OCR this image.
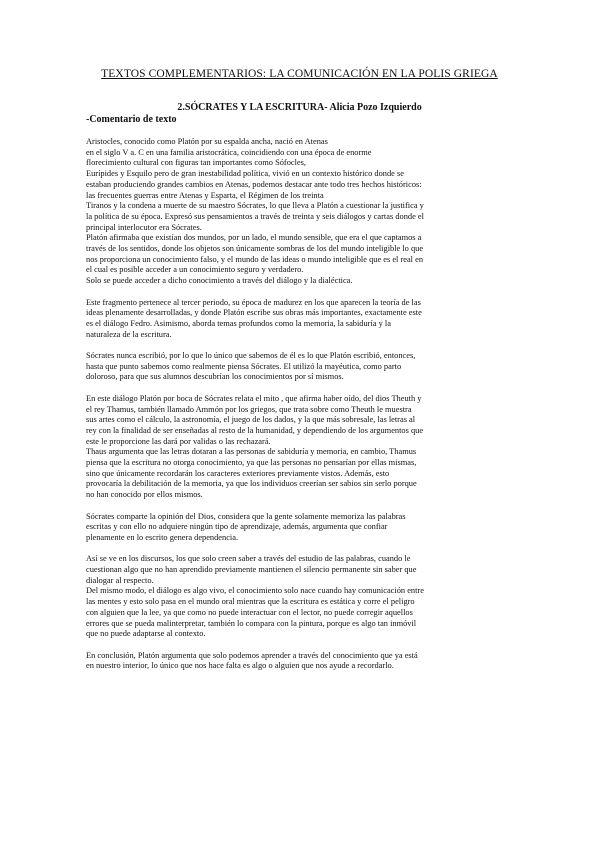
TEXTOS COMPLEMENTARIOS: LA COMUNICACIÓN EN LA POLIS GRIEGA
2.SÓCRATES Y LA ESCRITURA- Alicia Pozo Izquierdo
-Comentario de texto
Aristocles, conocido como Platón por su espalda ancha, nació en Atenas
en el siglo V a. C en una familia aristocrática, coincidiendo con una época de enorme
florecimiento cultural con figuras tan importantes como Sófocles,
Eurípides y Esquilo pero de gran inestabilidad política, vivió en un contexto histórico donde se
estaban produciendo grandes cambios en Atenas, podemos destacar ante todo tres hechos históricos:
las frecuentes guerras entre Atenas y Esparta, el Régimen de los treinta
Tiranos y la condena a muerte de su maestro Sócrates, lo que lleva a Platón a cuestionar la justifica y
la política de su época. Expresó sus pensamientos a través de treinta y seis diálogos y cartas donde el
principal interlocutor era Sócrates.
Platón afirmaba que existían dos mundos, por un lado, el mundo sensible, que era el que captamos a
través de los sentidos, donde los objetos son únicamente sombras de los del mundo inteligible lo que
nos proporciona un conocimiento falso, y el mundo de las ideas o mundo inteligible que es el real en
el cual es posible acceder a un conocimiento seguro y verdadero.
Solo se puede acceder a dicho conocimiento a través del diálogo y la dialéctica.
Este fragmento pertenece al tercer periodo, su época de madurez en los que aparecen la teoría de las
ideas plenamente desarrolladas, y donde Platón escribe sus obras más importantes, exactamente este
es el diálogo Fedro. Asimismo, aborda temas profundos como la memoria, la sabiduría y la
naturaleza de la escritura.
Sócrates nunca escribió, por lo que lo único que sabemos de él es lo que Platón escribió, entonces,
hasta que punto sabemos como realmente piensa Sócrates. El utilizó la mayéutica, como parto
doloroso, para que sus alumnos descubrían los conocimientos por sí mismos.
En este diálogo Platón por boca de Sócrates relata el mito , que afirma haber oído, del dios Theuth y
el rey Thamus, también llamado Ammón por los griegos, que trata sobre como Theuth le muestra
sus artes como el cálculo, la astronomía, el juego de los dados, y la que más sobresale, las letras al
rey con la finalidad de ser enseñadas al resto de la humanidad, y dependiendo de los argumentos que
este le proporcione las dará por validas o las rechazará.
Thaus argumenta que las letras dotaran a las personas de sabiduría y memoria, en cambio, Thamus
piensa que la escritura no otorga conocimiento, ya que las personas no pensarían por ellas mismas,
sino que únicamente recordarán los caracteres exteriores previamente vistos. Además, esto
provocaría la debilitación de la memoria, ya que los individuos creerían ser sabios sin serlo porque
no han conocido por ellos mismos.
Sócrates comparte la opinión del Dios, considera que la gente solamente memoriza las palabras
escritas y con ello no adquiere ningún tipo de aprendizaje, además, argumenta que confiar
plenamente en lo escrito genera dependencia.
Así se ve en los discursos, los que solo creen saber a través del estudio de las palabras, cuando le
cuestionan algo que no han aprendido previamente mantienen el silencio permanente sin saber que
dialogar al respecto.
Del mismo modo, el diálogo es algo vivo, el conocimiento solo nace cuando hay comunicación entre
las mentes y esto solo pasa en el mundo oral mientras que la escritura es estática y corre el peligro
con alguien que la lee, ya que como no puede interactuar con el lector, no puede corregir aquellos
errores que se pueda malinterpretar, también lo compara con la pintura, porque es algo tan inmóvil
que no puede adaptarse al contexto.
En conclusión, Platón argumenta que solo podemos aprender a través del conocimiento que ya está
en nuestro interior, lo único que nos hace falta es algo o alguien que nos ayude a recordarlo.
